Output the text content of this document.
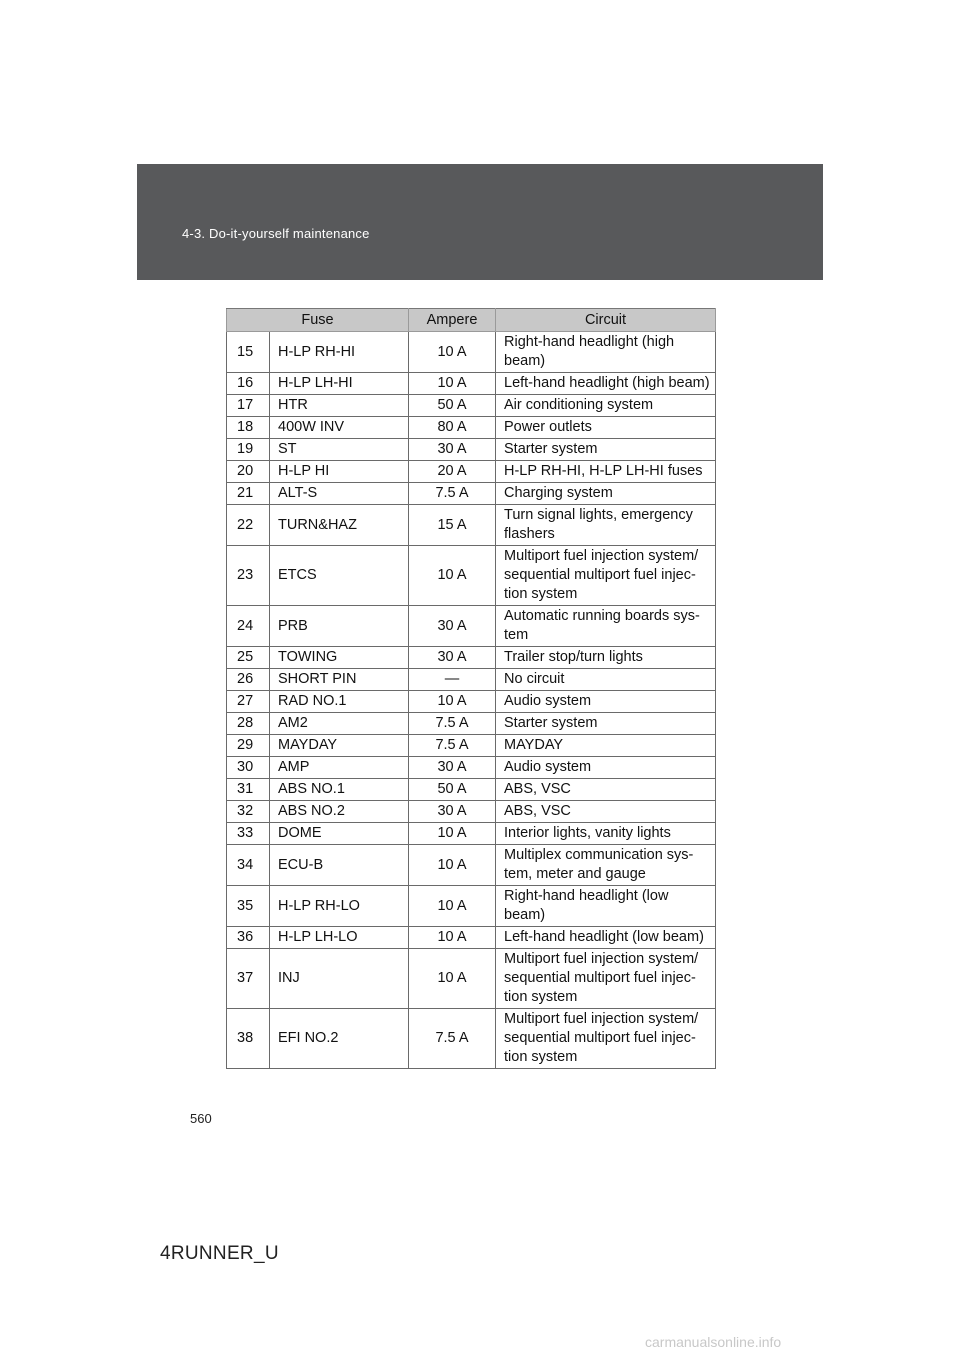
4-3. Do-it-yourself maintenance
Fuse		Ampere	Circuit
15	H-LP RH-HI	10 A	Right-hand headlight (high beam)
16	H-LP LH-HI	10 A	Left-hand headlight (high beam)
17	HTR	50 A	Air conditioning system
18	400W INV	80 A	Power outlets
19	ST	30 A	Starter system
20	H-LP HI	20 A	H-LP RH-HI, H-LP LH-HI fuses
21	ALT-S	7.5 A	Charging system
22	TURN&HAZ	15 A	Turn signal lights, emergency flashers
23	ETCS	10 A	Multiport fuel injection system/ sequential multiport fuel injec- tion system
24	PRB	30 A	Automatic running boards sys- tem
25	TOWING	30 A	Trailer stop/turn lights
26	SHORT PIN	—	No circuit
27	RAD NO.1	10 A	Audio system
28	AM2	7.5 A	Starter system
29	MAYDAY	7.5 A	MAYDAY
30	AMP	30 A	Audio system
31	ABS NO.1	50 A	ABS, VSC
32	ABS NO.2	30 A	ABS, VSC
33	DOME	10 A	Interior lights, vanity lights
34	ECU-B	10 A	Multiplex communication sys- tem, meter and gauge
35	H-LP RH-LO	10 A	Right-hand headlight (low beam)
36	H-LP LH-LO	10 A	Left-hand headlight (low beam)
37	INJ	10 A	Multiport fuel injection system/ sequential multiport fuel injec- tion system
38	EFI NO.2	7.5 A	Multiport fuel injection system/ sequential multiport fuel injec- tion system
560
4RUNNER_U
carmanualsonline.info
